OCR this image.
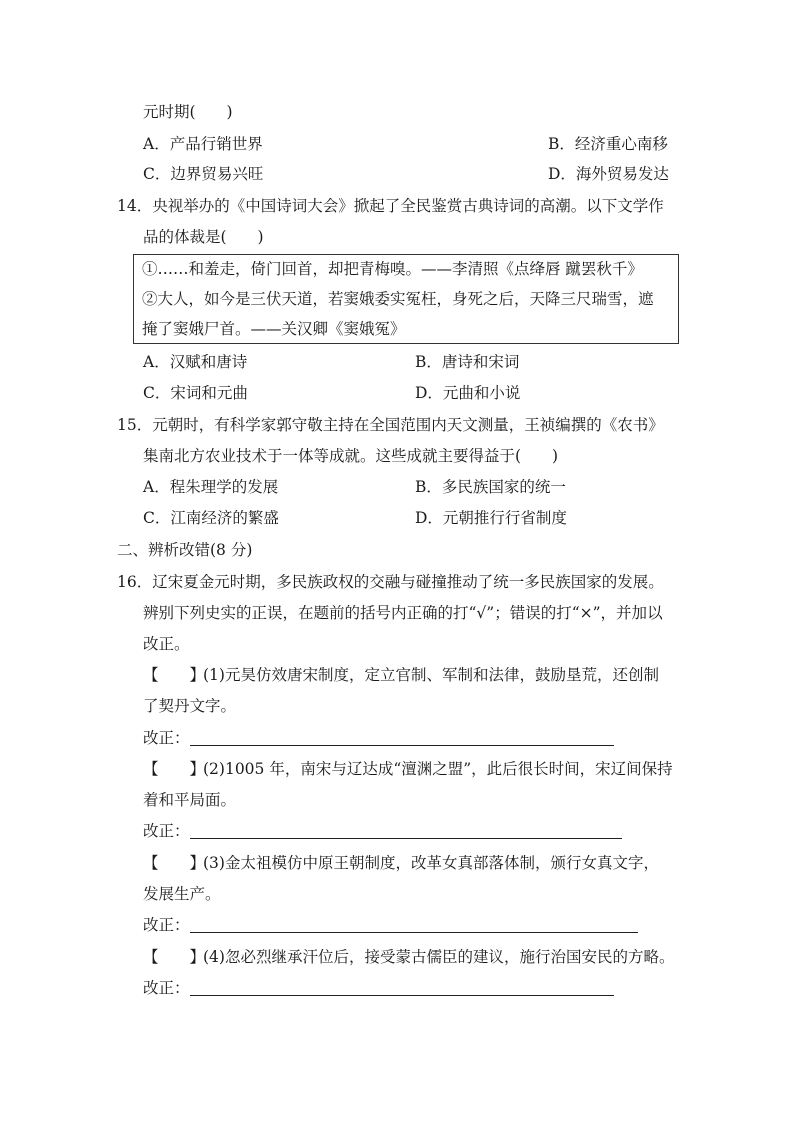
元时期(　　)
A．产品行销世界	B．经济重心南移
C．边界贸易兴旺	D．海外贸易发达
14．央视举办的《中国诗词大会》掀起了全民鉴赏古典诗词的高潮。以下文学作
品的体裁是(　　)
①……和羞走，倚门回首，却把青梅嗅。——李清照《点绛唇 蹴罢秋千》
②大人，如今是三伏天道，若窦娥委实冤枉，身死之后，天降三尺瑞雪，遮
掩了窦娥尸首。——关汉卿《窦娥冤》
A．汉赋和唐诗	B．唐诗和宋词
C．宋词和元曲	D．元曲和小说
15．元朝时，有科学家郭守敬主持在全国范围内天文测量，王祯编撰的《农书》
集南北方农业技术于一体等成就。这些成就主要得益于(　　)
A．程朱理学的发展	B．多民族国家的统一
C．江南经济的繁盛	D．元朝推行行省制度
二、辨析改错(8 分)
16．辽宋夏金元时期，多民族政权的交融与碰撞推动了统一多民族国家的发展。
辨别下列史实的正误，在题前的括号内正确的打“√”；错误的打“×”，并加以
改正。
【　　】
(1)元昊仿效唐宋制度，定立官制、军制和法律，鼓励垦荒，还创制
了契丹文字。
改正：
【　　】
(2)1005 年，南宋与辽达成“澶渊之盟”，此后很长时间，宋辽间保持
着和平局面。
改正：
【　　】
(3)金太祖模仿中原王朝制度，改革女真部落体制，颁行女真文字，
发展生产。
改正：
【　　】
(4)忽必烈继承汗位后，接受蒙古儒臣的建议，施行治国安民的方略。
改正：
